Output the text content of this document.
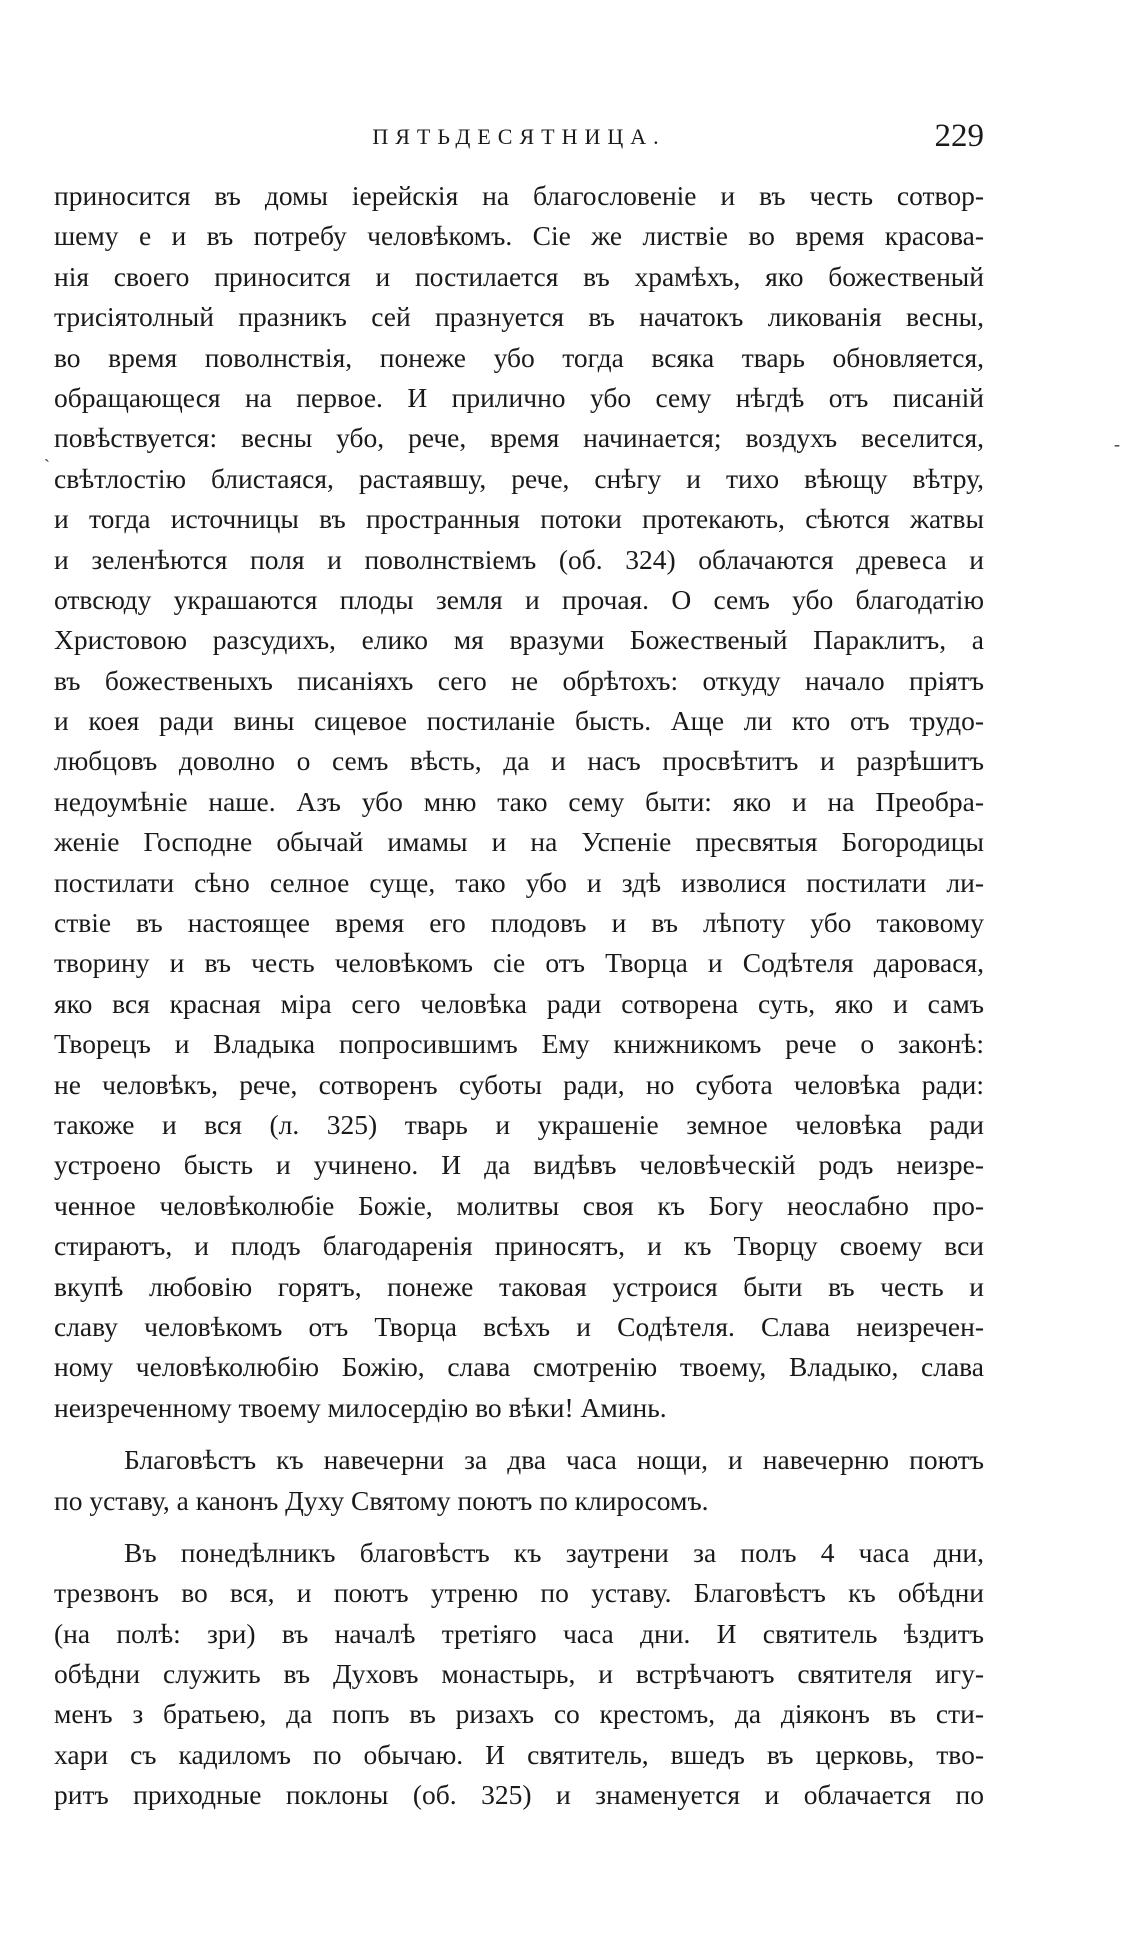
ПЯТЬДЕСЯТНИЦА.	229
`
-
приносится въ домы іерейскія на благословеніе и въ честь сотвор-
шему е и въ потребу человѣкомъ. Сіе же листвіе во время красова-
нія своего приносится и постилается въ храмѣхъ, яко божественый
трисіятолный празникъ сей празнуется въ начатокъ ликованія весны,
во время поволнствія, понеже убо тогда всяка тварь обновляется,
обращающеся на первое. И прилично убо сему нѣгдѣ отъ писаній
повѣствуется: весны убо, рече, время начинается; воздухъ веселится,
свѣтлостію блистаяся, растаявшу, рече, снѣгу и тихо вѣющу вѣтру,
и тогда источницы въ пространныя потоки протекають, сѣются жатвы
и зеленѣются поля и поволнствіемъ (об. 324) облачаются древеса и
отвсюду украшаются плоды земля и прочая. О семъ убо благодатію
Христовою разсудихъ, елико мя вразуми Божественый Параклитъ, а
въ божественыхъ писаніяхъ сего не обрѣтохъ: откуду начало пріятъ
и коея ради вины сицевое постиланіе бысть. Аще ли кто отъ трудо-
любцовъ доволно о семъ вѣсть, да и насъ просвѣтитъ и разрѣшитъ
недоумѣніе наше. Азъ убо мню тако сему быти: яко и на Преобра-
женіе Господне обычай имамы и на Успеніе пресвятыя Богородицы
постилати сѣно селное суще, тако убо и здѣ изволися постилати ли-
ствіе въ настоящее время его плодовъ и въ лѣпоту убо таковому
творину и въ честь человѣкомъ сіе отъ Творца и Содѣтеля даровася,
яко вся красная міра сего человѣка ради сотворена суть, яко и самъ
Творецъ и Владыка попросившимъ Ему книжникомъ рече о законѣ:
не человѣкъ, рече, сотворенъ суботы ради, но субота человѣка ради:
такоже и вся (л. 325) тварь и украшеніе земное человѣка ради
устроено бысть и учинено. И да видѣвъ человѣческій родъ неизре-
ченное человѣколюбіе Божіе, молитвы своя къ Богу неослабно про-
стираютъ, и плодъ благодаренія приносятъ, и къ Творцу своему вси
вкупѣ любовію горятъ, понеже таковая устроися быти въ честь и
славу человѣкомъ отъ Творца всѣхъ и Содѣтеля. Слава неизречен-
ному человѣколюбію Божію, слава смотренію твоему, Владыко, слава
неизреченному твоему милосердію во вѣки! Аминь.
Благовѣстъ къ навечерни за два часа нощи, и навечерню поютъ
по уставу, а канонъ Духу Святому поютъ по клиросомъ.
Въ понедѣлникъ благовѣстъ къ заутрени за полъ 4 часа дни,
трезвонъ во вся, и поютъ утреню по уставу. Благовѣстъ къ обѣдни
(на полѣ: зри) въ началѣ третіяго часа дни. И святитель ѣздитъ
обѣдни служить въ Духовъ монастырь, и встрѣчаютъ святителя игу-
менъ з братьею, да попъ въ ризахъ со крестомъ, да діяконъ въ сти-
хари съ кадиломъ по обычаю. И святитель, вшедъ въ церковь, тво-
ритъ приходные поклоны (об. 325) и знаменуется и облачается по
